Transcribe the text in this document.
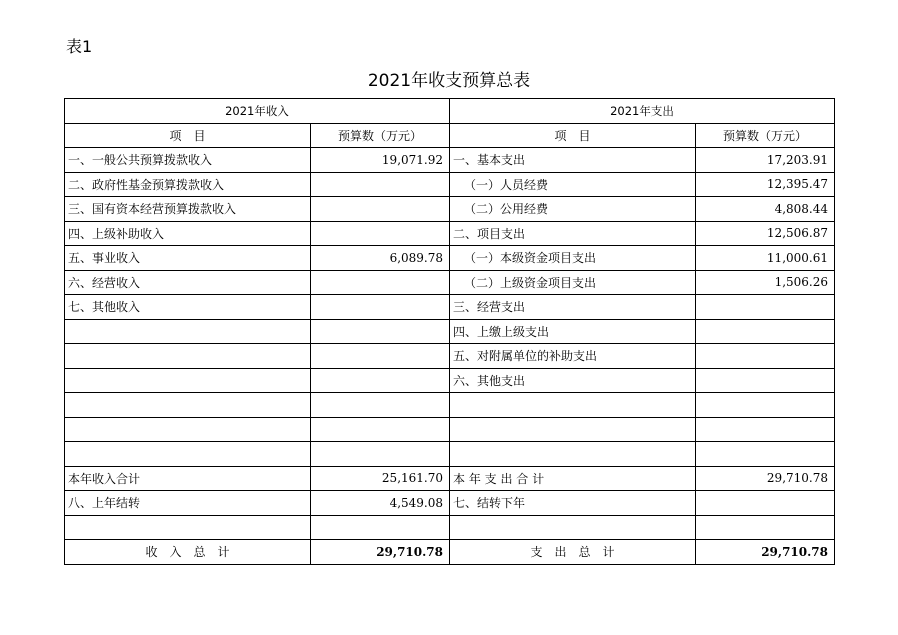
表1
2021年收支预算总表
2021年收入		2021年支出	
项　目	预算数（万元）	项　目	预算数（万元）
一、一般公共预算拨款收入	19,071.92	一、基本支出	17,203.91
二、政府性基金预算拨款收入		（一）人员经费	12,395.47
三、国有资本经营预算拨款收入		（二）公用经费	4,808.44
四、上级补助收入		二、项目支出	12,506.87
五、事业收入	6,089.78	（一）本级资金项目支出	11,000.61
六、经营收入		（二）上级资金项目支出	1,506.26
七、其他收入		三、经营支出	
		四、上缴上级支出	
		五、对附属单位的补助支出	
		六、其他支出	

本年收入合计	25,161.70	本 年 支 出 合 计	29,710.78
八、上年结转	4,549.08	七、结转下年	

收　入　总　计	29,710.78	支　出　总　计	29,710.78
